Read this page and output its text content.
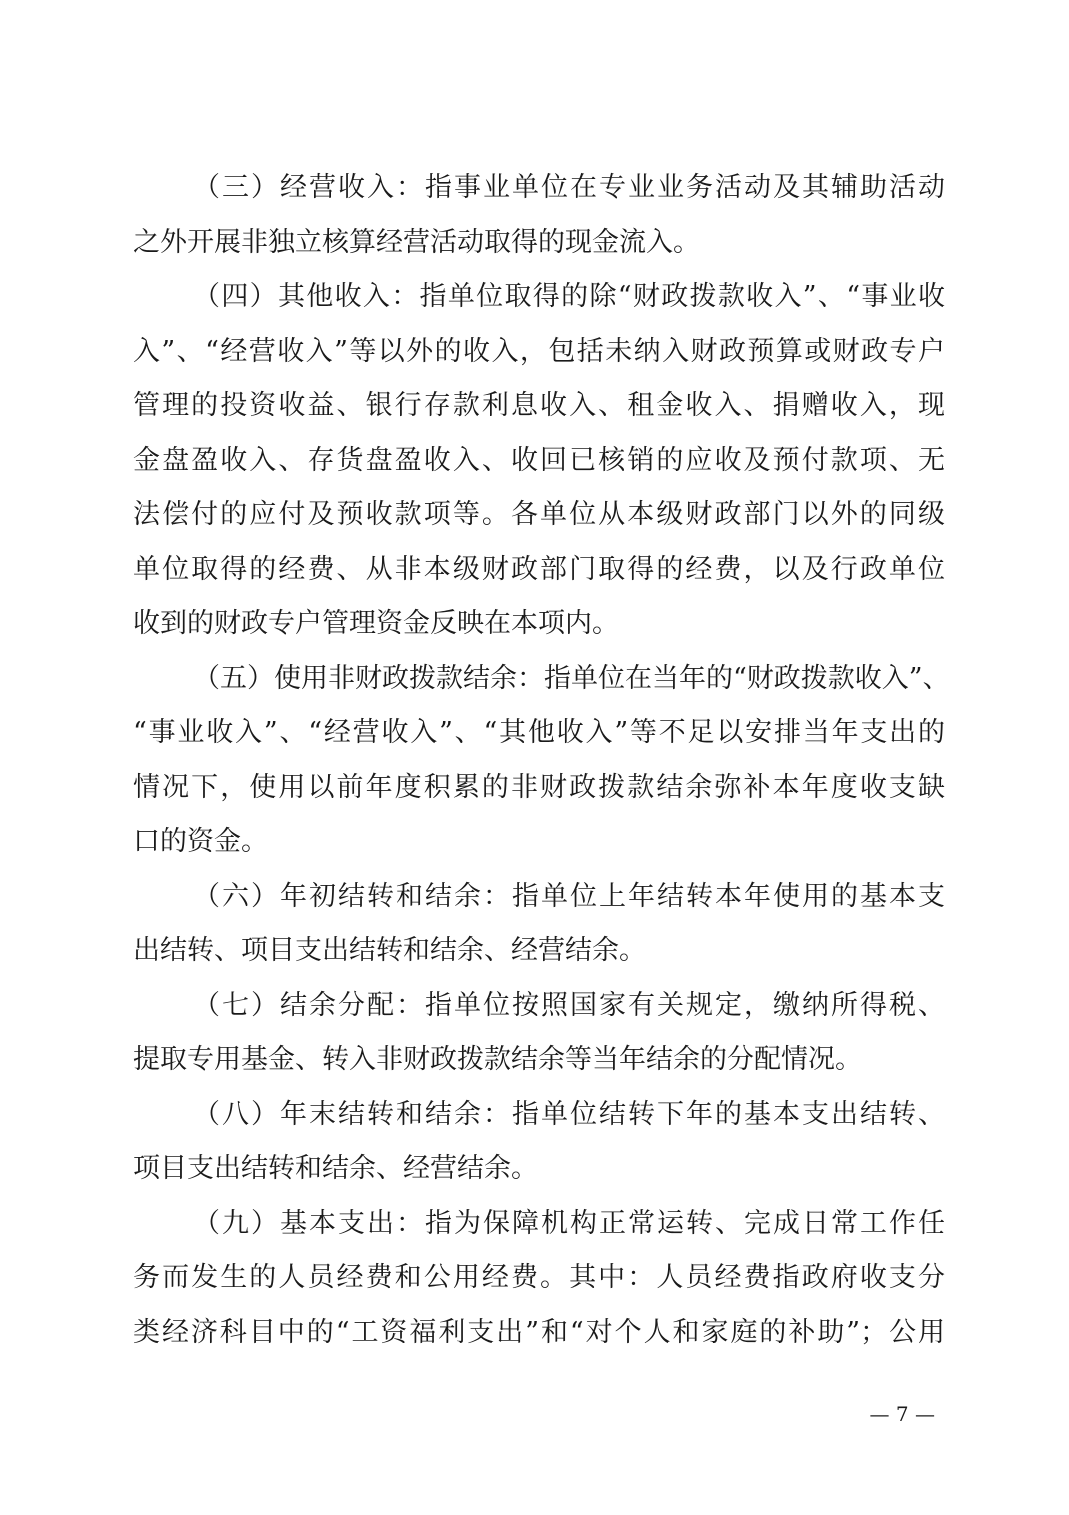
（三）经营收入：指事业单位在专业业务活动及其辅助活动
之外开展非独立核算经营活动取得的现金流入。
（四）其他收入：指单位取得的除“财政拨款收入”、“事业收
入”、“经营收入”等以外的收入，包括未纳入财政预算或财政专户
管理的投资收益、银行存款利息收入、租金收入、捐赠收入，现
金盘盈收入、存货盘盈收入、收回已核销的应收及预付款项、无
法偿付的应付及预收款项等。各单位从本级财政部门以外的同级
单位取得的经费、从非本级财政部门取得的经费，以及行政单位
收到的财政专户管理资金反映在本项内。
（五）使用非财政拨款结余：指单位在当年的“财政拨款收入”、
“事业收入”、“经营收入”、“其他收入”等不足以安排当年支出的
情况下，使用以前年度积累的非财政拨款结余弥补本年度收支缺
口的资金。
（六）年初结转和结余：指单位上年结转本年使用的基本支
出结转、项目支出结转和结余、经营结余。
（七）结余分配：指单位按照国家有关规定，缴纳所得税、
提取专用基金、转入非财政拨款结余等当年结余的分配情况。
（八）年末结转和结余：指单位结转下年的基本支出结转、
项目支出结转和结余、经营结余。
（九）基本支出：指为保障机构正常运转、完成日常工作任
务而发生的人员经费和公用经费。其中：人员经费指政府收支分
类经济科目中的“工资福利支出”和“对个人和家庭的补助”；公用
— 7 —
